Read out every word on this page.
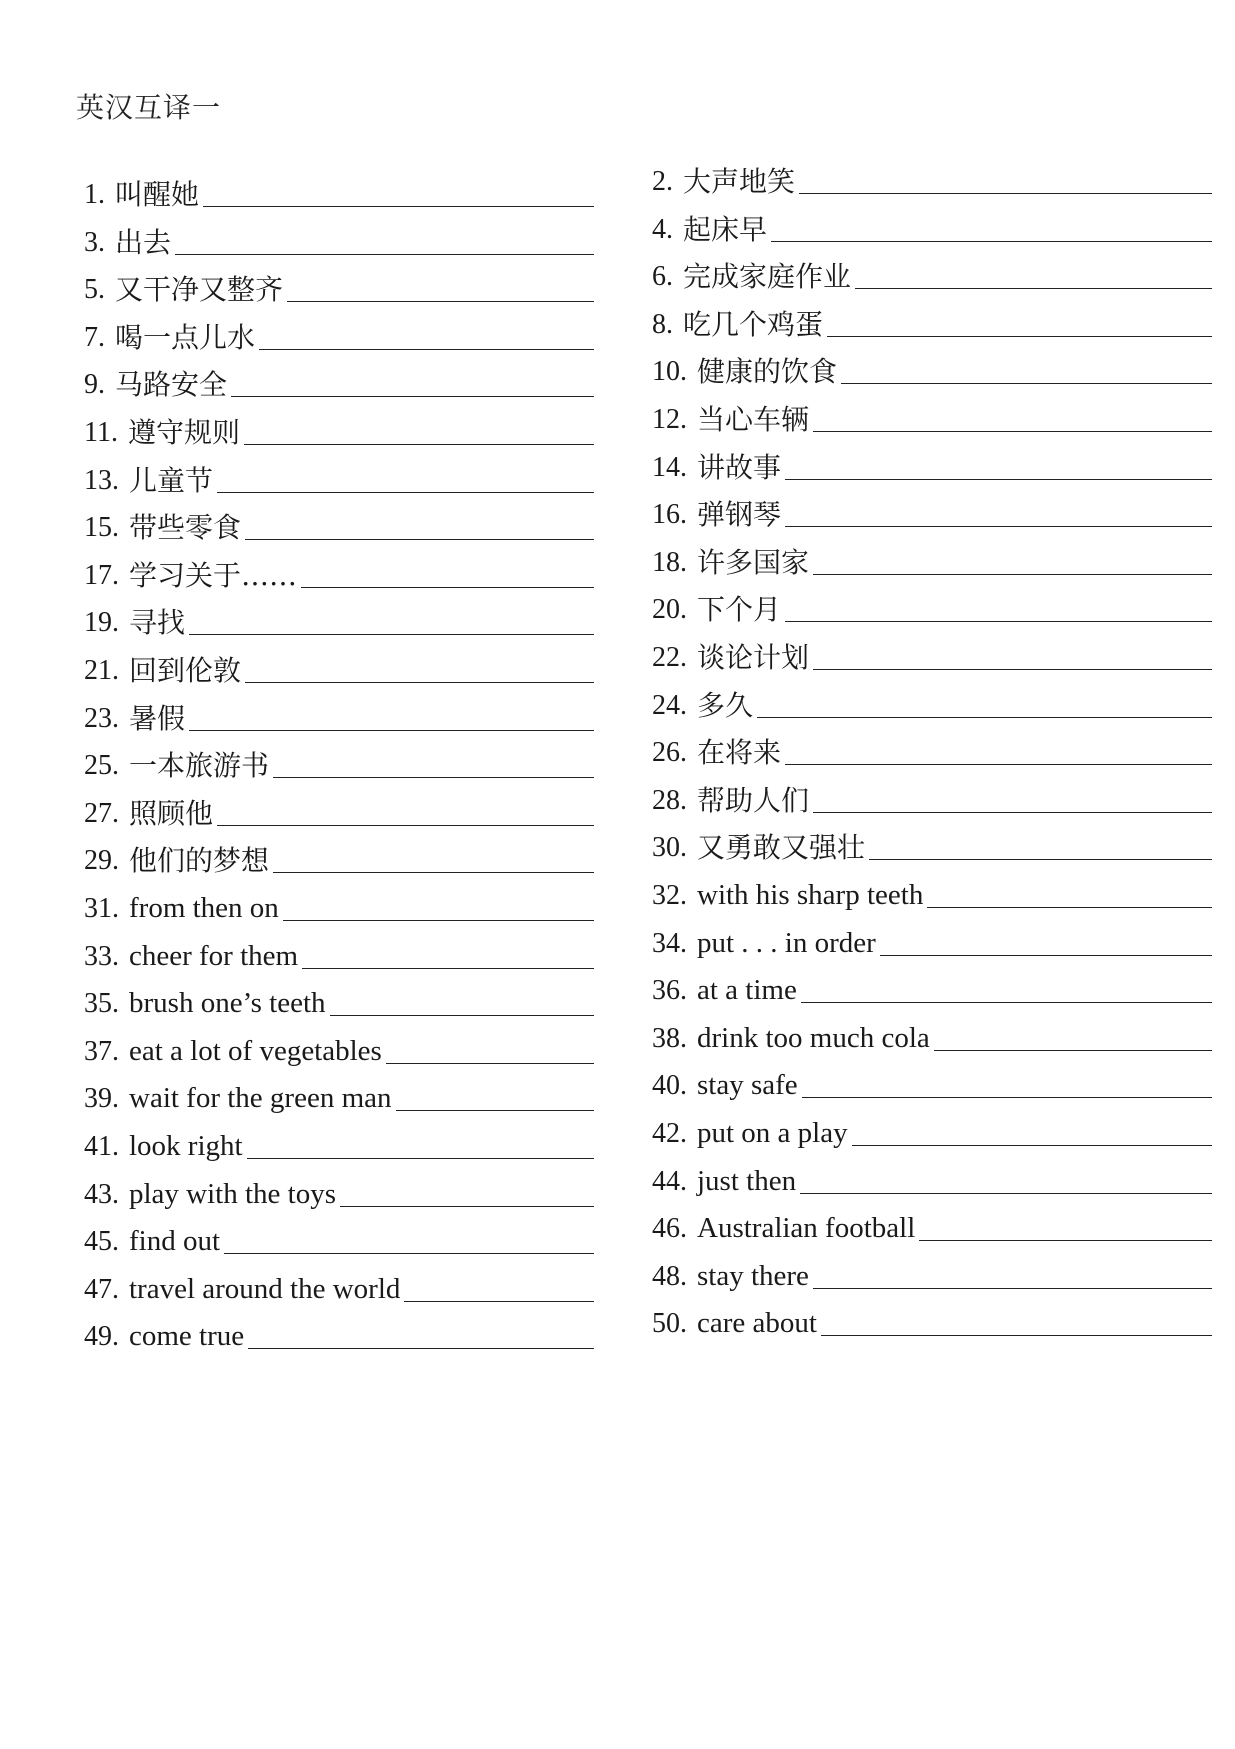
英汉互译一
1. 叫醒她	2. 大声地笑
3. 出去	4. 起床早
5. 又干净又整齐	6. 完成家庭作业
7. 喝一点儿水	8. 吃几个鸡蛋
9. 马路安全	10. 健康的饮食
11. 遵守规则	12. 当心车辆
13. 儿童节	14. 讲故事
15. 带些零食	16. 弹钢琴
17. 学习关于……	18. 许多国家
19. 寻找	20. 下个月
21. 回到伦敦	22. 谈论计划
23. 暑假	24. 多久
25. 一本旅游书	26. 在将来
27. 照顾他	28. 帮助人们
29. 他们的梦想	30. 又勇敢又强壮
31. from then on	32. with his sharp teeth
33. cheer for them	34. put . . . in order
35. brush one’s teeth	36. at a time
37. eat a lot of vegetables	38. drink too much cola
39. wait for the green man	40. stay safe
41. look right	42. put on a play
43. play with the toys	44. just then
45. find out	46. Australian football
47. travel around the world	48. stay there
49. come true	50. care about
